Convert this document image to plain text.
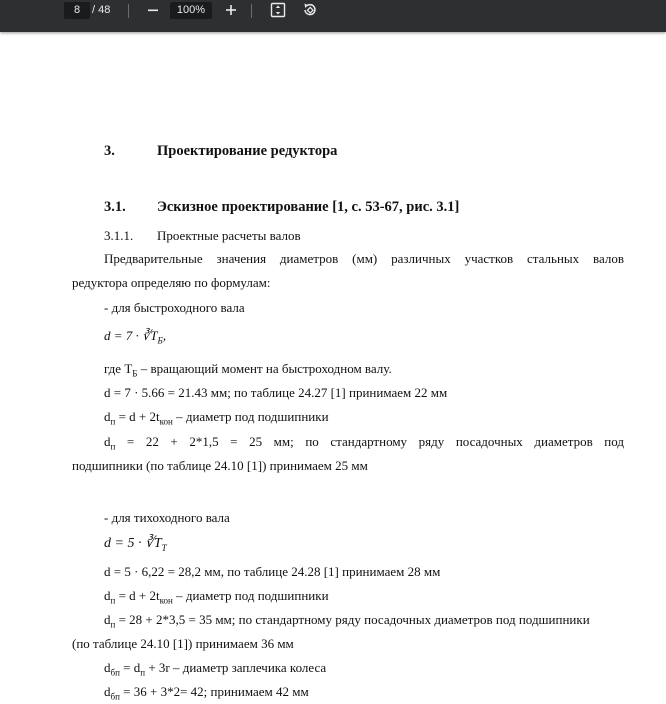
8	/ 48	100%
3.	Проектирование редуктора
3.1. Эскизное проектирование [1, с. 53-67, рис. 3.1]
3.1.1. Проектные расчеты валов
Предварительные значения диаметров (мм) различных участков стальных валов
редуктора определяю по формулам:
- для быстроходного вала
$d = 7 \cdot ∛T_Б$,
где $T_Б$ – вращающий момент на быстроходном валу.
d = 7 · 5.66 = 21.43 мм; по таблице 24.27 [1] принимаем 22 мм
$d_п = d + 2t_{кон}$ – диаметр под подшипники
$d_п = 22 + 2*1,5 = 25$ мм; по стандартному ряду посадочных диаметров под
подшипники (по таблице 24.10 [1]) принимаем 25 мм
- для тихоходного вала
$d = 5 \cdot ∛T_T$
d = 5 · 6,22 = 28,2 мм, по таблице 24.28 [1] принимаем 28 мм
$d_п = d + 2t_{кон}$ – диаметр под подшипники
$d_п = 28 + 2*3,5 = 35$ мм; по стандартному ряду посадочных диаметров под подшипники
(по таблице 24.10 [1]) принимаем 36 мм
$d_{бп} = d_п + 3r$ – диаметр заплечика колеса
$d_{бп} = 36 + 3*2= 42$; принимаем 42 мм
